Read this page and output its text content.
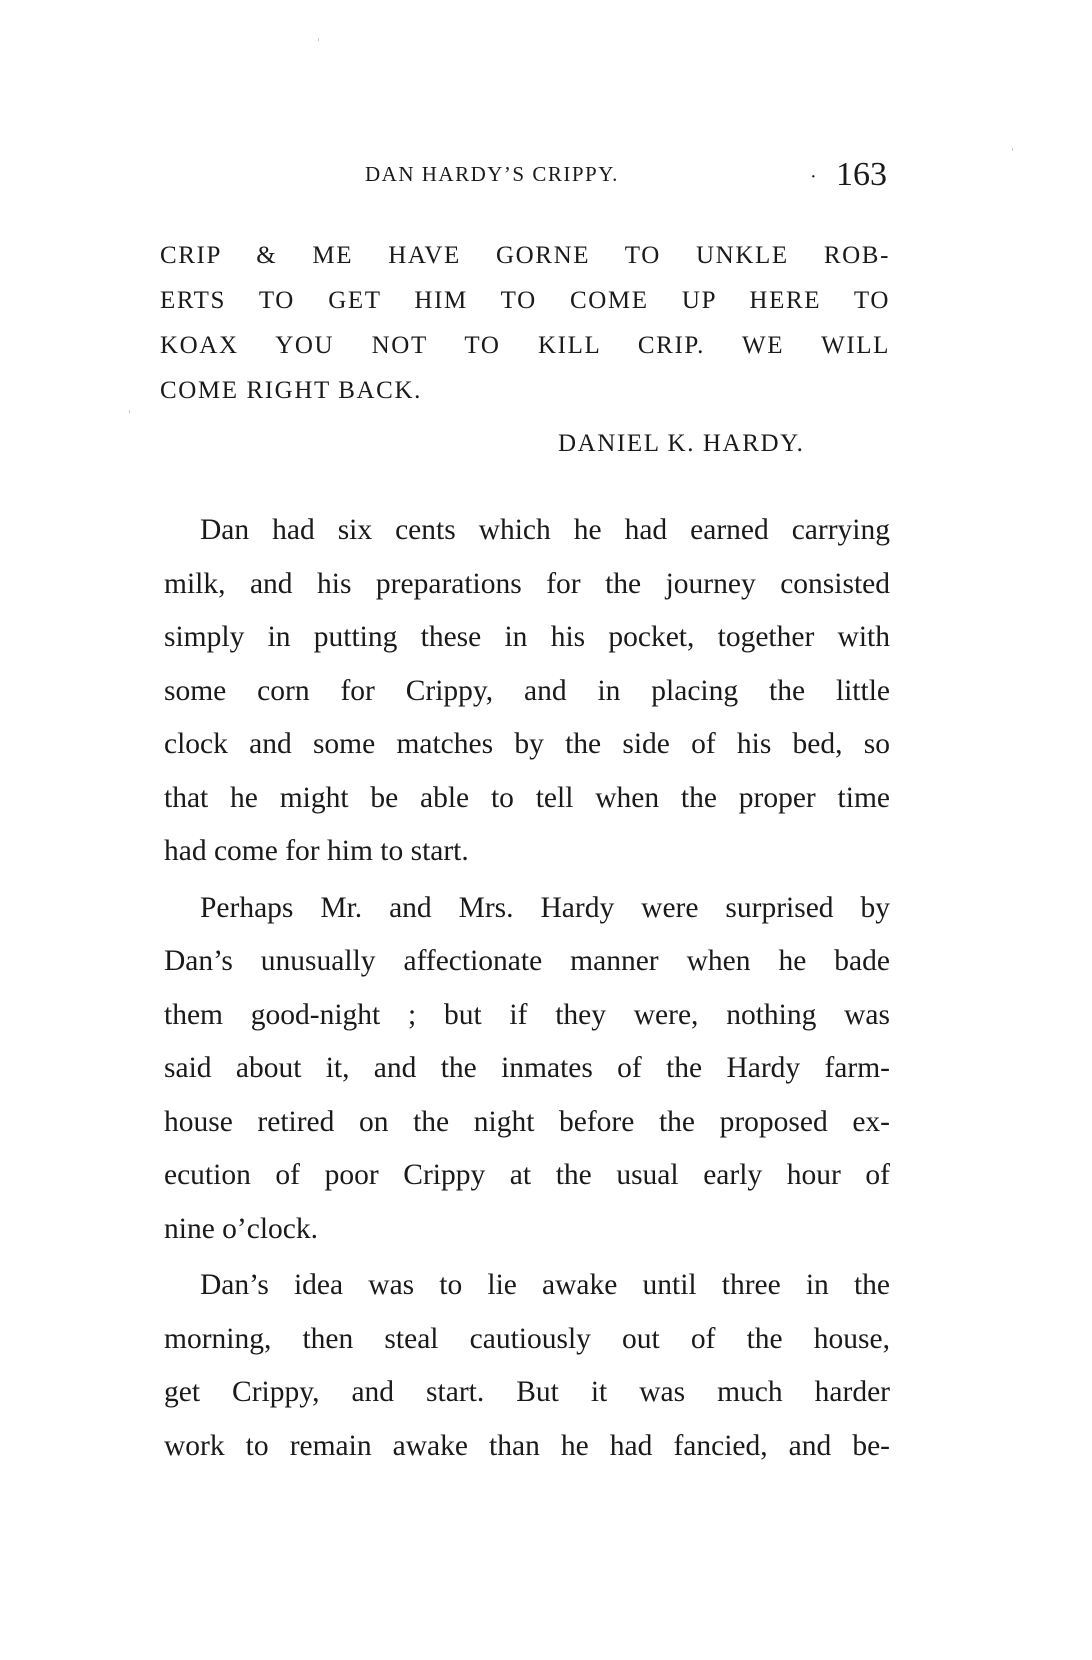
DAN HARDY’S CRIPPY.	· 163
CRIP & ME HAVE GORNE TO UNKLE ROB-
ERTS TO GET HIM TO COME UP HERE TO
KOAX YOU NOT TO KILL CRIP. WE WILL
COME RIGHT BACK.
DANIEL K. HARDY.
Dan had six cents which he had earned carrying
milk, and his preparations for the journey consisted
simply in putting these in his pocket, together with
some corn for Crippy, and in placing the little
clock and some matches by the side of his bed, so
that he might be able to tell when the proper time
had come for him to start.
Perhaps Mr. and Mrs. Hardy were surprised by
Dan’s unusually affectionate manner when he bade
them good-night ; but if they were, nothing was
said about it, and the inmates of the Hardy farm-
house retired on the night before the proposed ex-
ecution of poor Crippy at the usual early hour of
nine o’clock.
Dan’s idea was to lie awake until three in the
morning, then steal cautiously out of the house,
get Crippy, and start. But it was much harder
work to remain awake than he had fancied, and be-
